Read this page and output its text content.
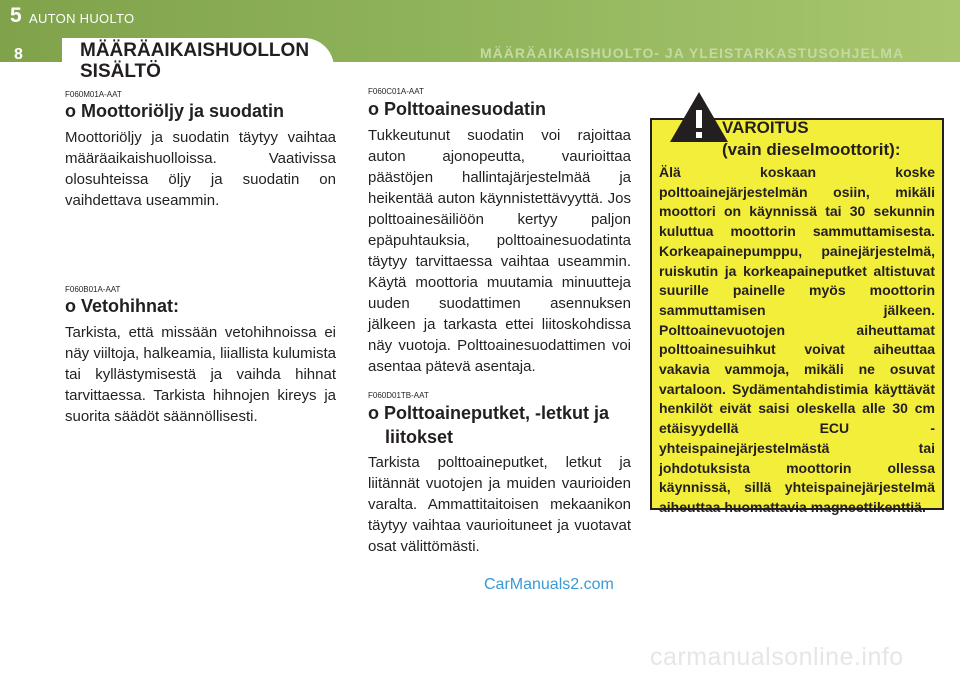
5 AUTON HUOLTO
MÄÄRÄAIKAISHUOLTO- JA YLEISTARKASTUSOHJELMA
8	MÄÄRÄAIKAISHUOLLON
SISÄLTÖ
F060M01A-AAT
o Moottoriöljy ja suodatin
Moottoriöljy ja suodatin täytyy vaihtaa määräaikaishuolloissa. Vaativissa olosuhteissa öljy ja suodatin on vaihdettava useammin.
F060B01A-AAT
o Vetohihnat:
Tarkista, että missään vetohihnoissa ei näy viiltoja, halkeamia, liiallista kulumista tai kyllästymisestä ja vaihda hihnat tarvittaessa. Tarkista hihnojen kireys ja suorita säädöt säännöllisesti.
F060C01A-AAT
o Polttoainesuodatin
Tukkeutunut suodatin voi rajoittaa auton ajonopeutta, vaurioittaa päästöjen hallintajärjestelmää ja heikentää auton käynnistettävyyttä. Jos polttoainesäiliöön kertyy paljon epäpuhtauksia, polttoainesuodatinta täytyy tarvittaessa vaihtaa useammin. Käytä moottoria muutamia minuutteja uuden suodattimen asennuksen jälkeen ja tarkasta ettei liitoskohdissa näy vuotoja. Polttoainesuodattimen voi asentaa pätevä asentaja.
F060D01TB-AAT
o Polttoaineputket, -letkut ja
liitokset
Tarkista polttoaineputket, letkut ja liitännät vuotojen ja muiden vaurioiden varalta. Ammattitaitoisen mekaanikon täytyy vaihtaa vaurioituneet ja vuotavat osat välittömästi.
VAROITUS
(vain dieselmoottorit):
Älä koskaan koske polttoainejärjestelmän osiin, mikäli moottori on käynnissä tai 30 sekunnin kuluttua moottorin sammuttamisesta. Korkeapainepumppu, painejärjestelmä, ruiskutin ja korkeapaineputket altistuvat suurille painelle myös moottorin sammuttamisen jälkeen. Polttoainevuotojen aiheuttamat polttoainesuihkut voivat aiheuttaa vakavia vammoja, mikäli ne osuvat vartaloon. Sydämentahdistimia käyttävät henkilöt eivät saisi oleskella alle 30 cm etäisyydellä ECU -yhteispainejärjestelmästä tai johdotuksista moottorin ollessa käynnissä, sillä yhteispainejärjestelmä aiheuttaa huomattavia magneettikenttiä.
CarManuals2.com
carmanualsonline.info
